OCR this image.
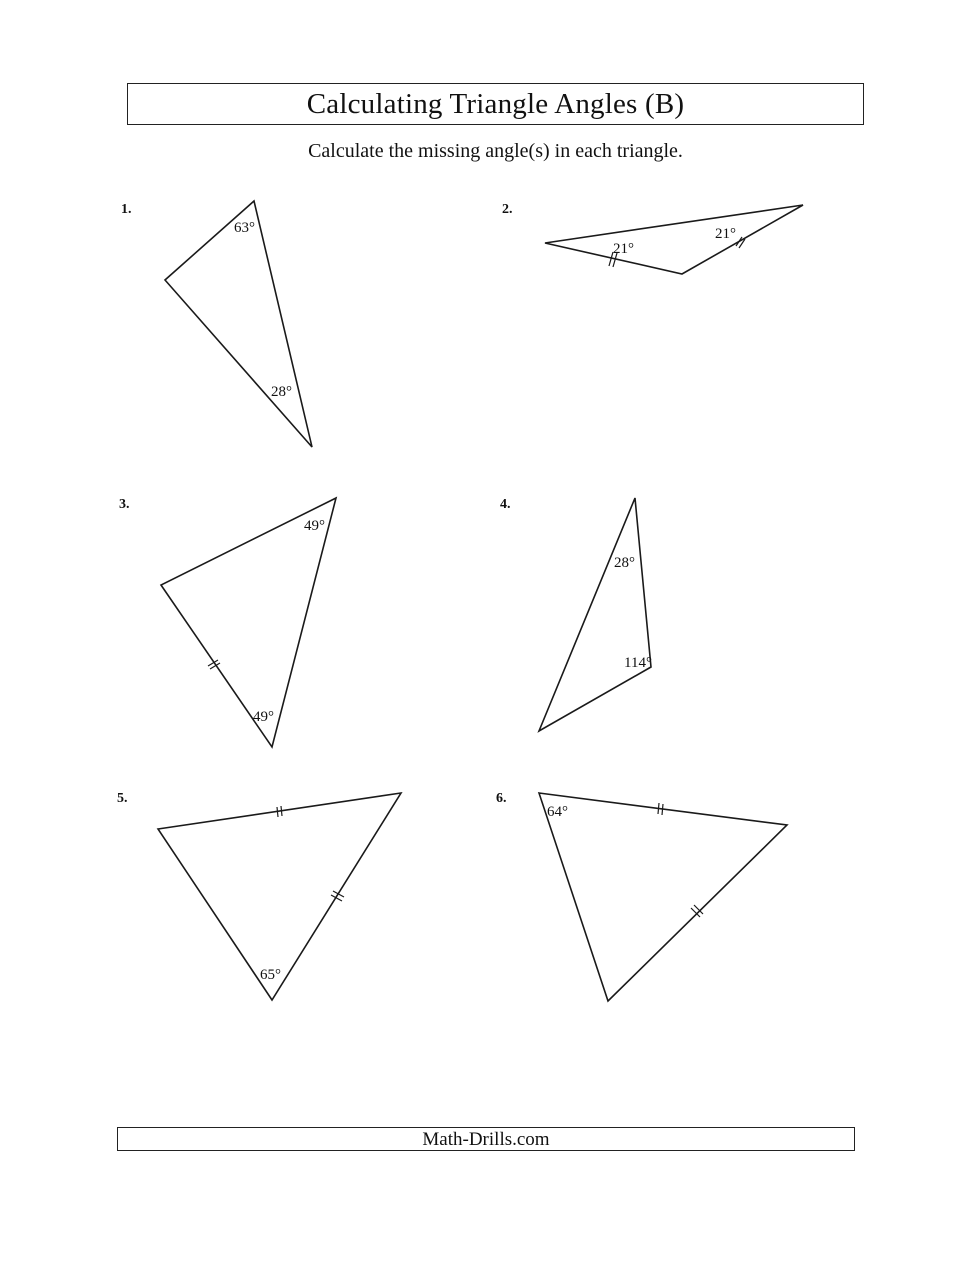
Calculating Triangle Angles (B)
Calculate the missing angle(s) in each triangle.
1.
63°
28°
2.
21°
21°
3.
49°
49°
4.
28°
114°
5.
65°
6.
64°
Math-Drills.com
